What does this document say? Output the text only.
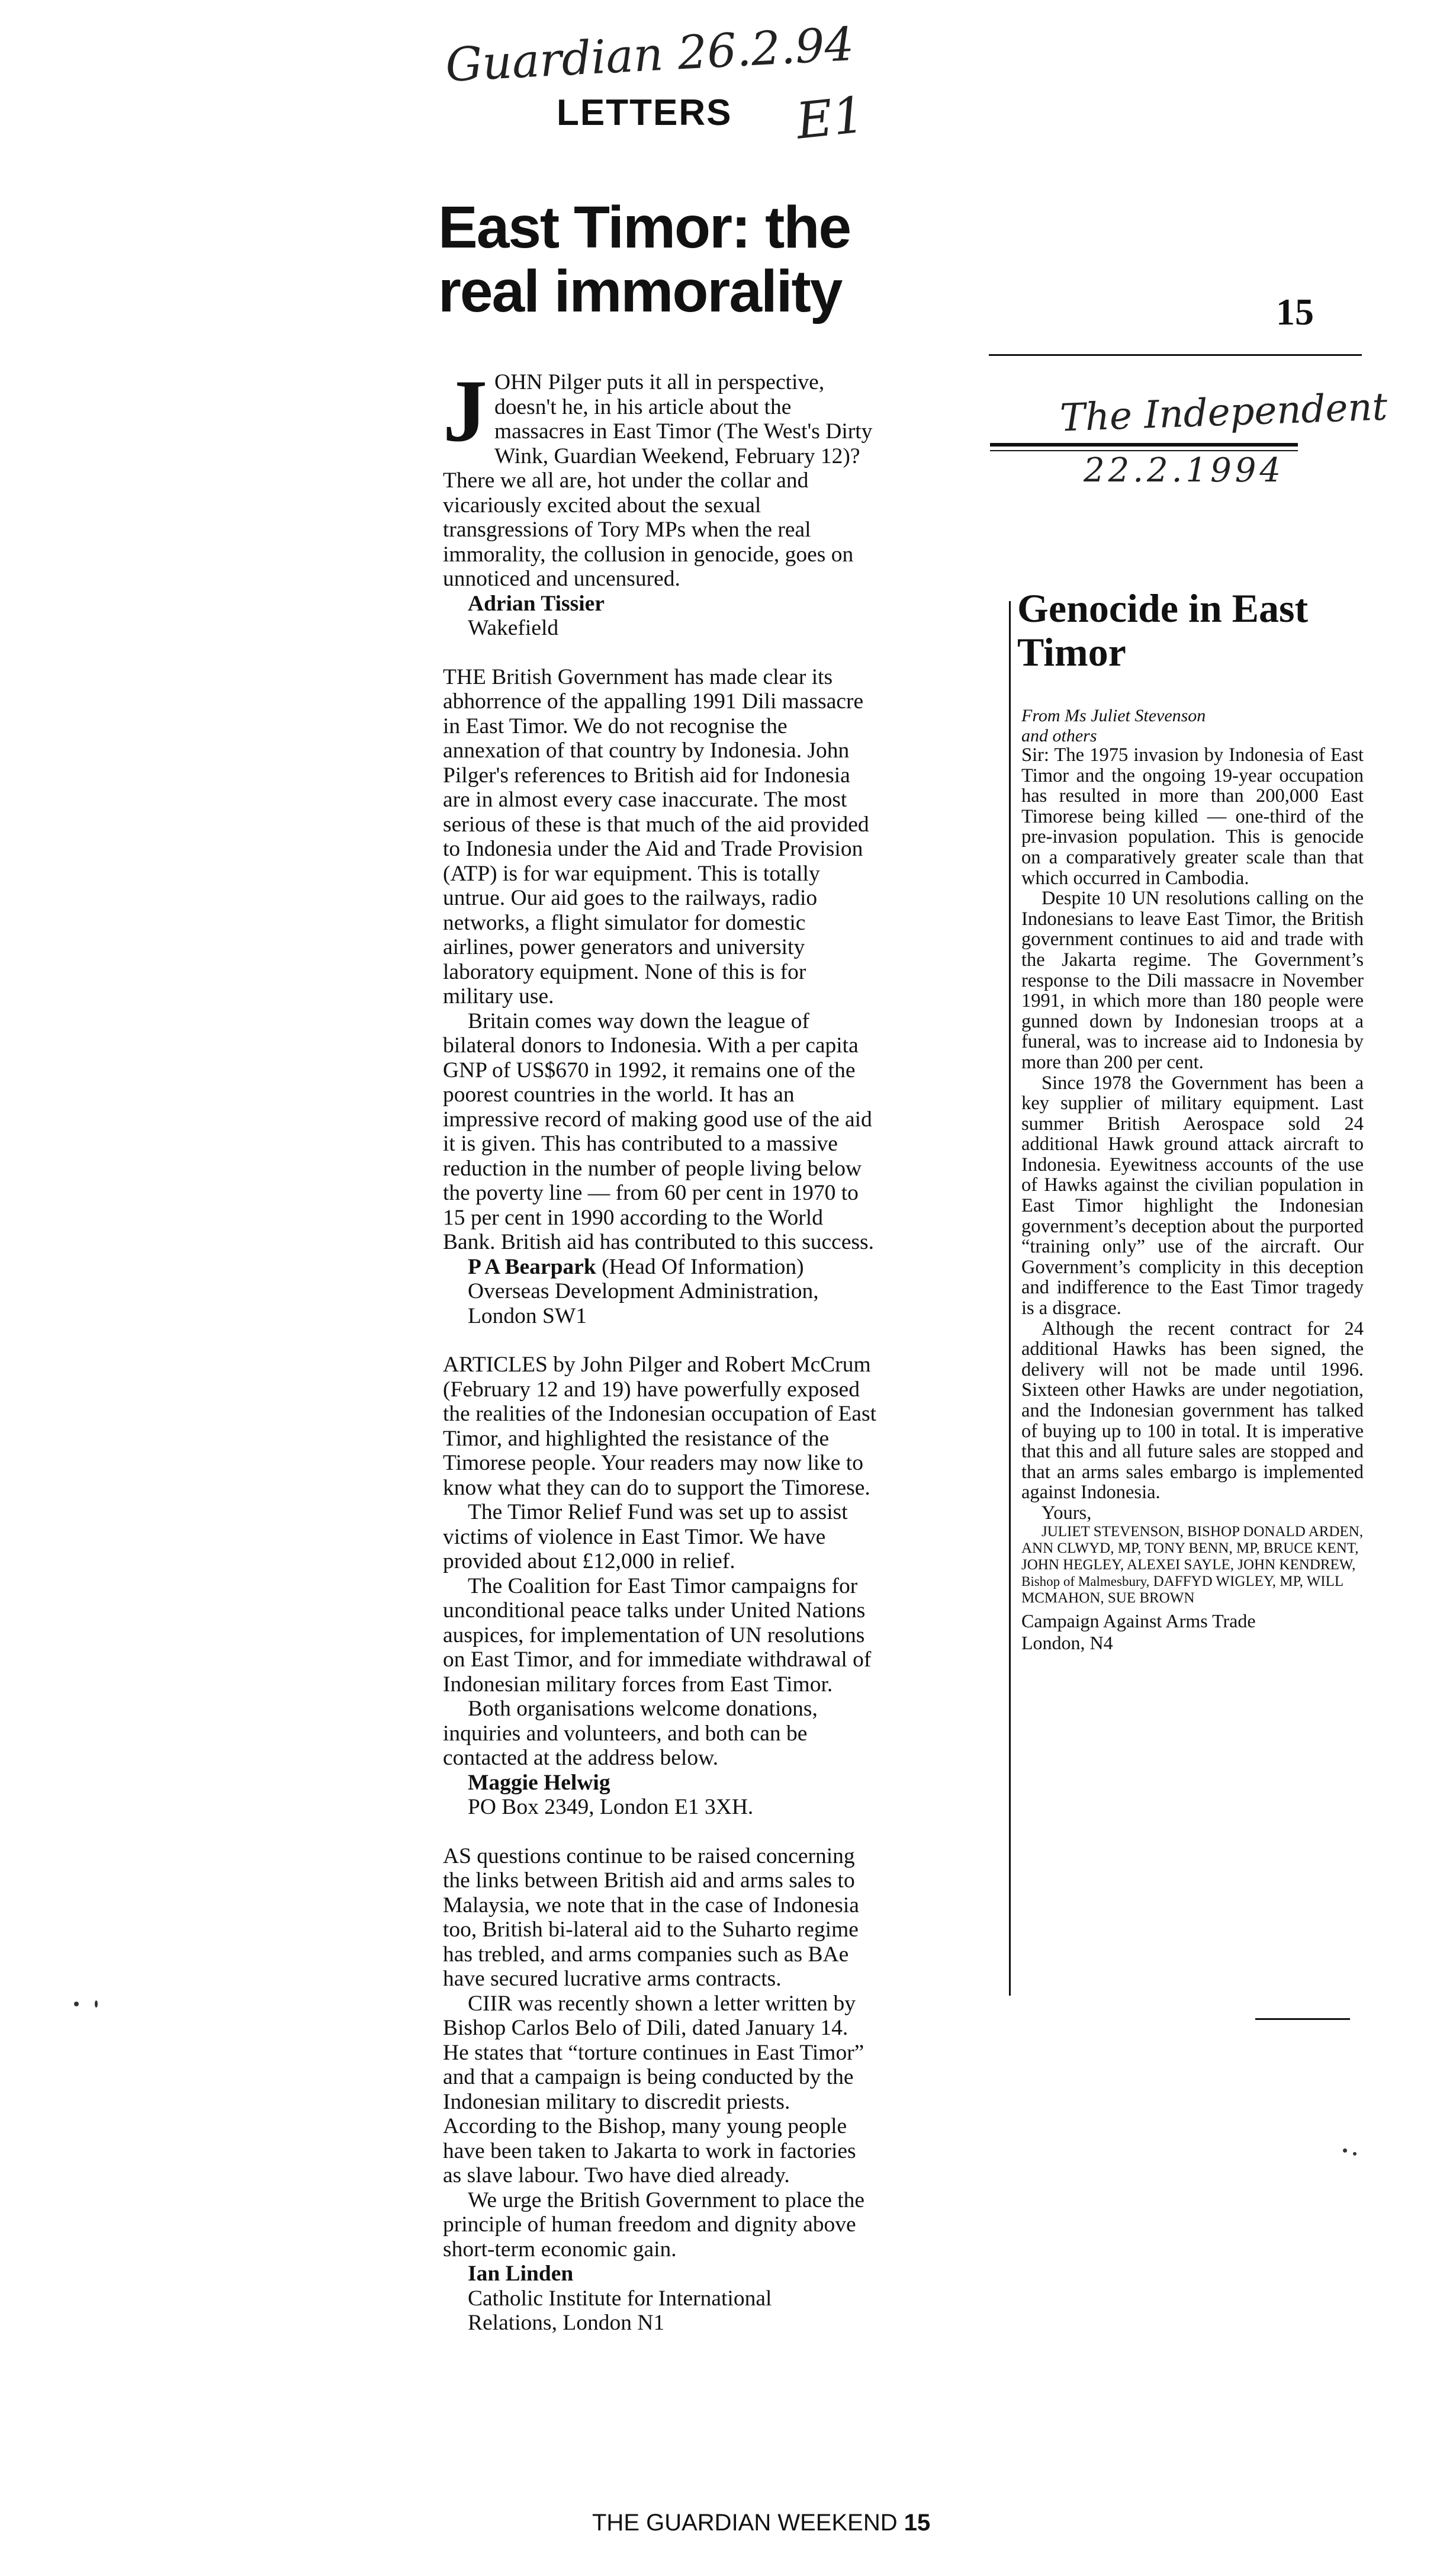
Guardian 26.2.94
E1
The Independent
22.2.1994
LETTERS
East Timor: the real immorality

JOHN Pilger puts it all in perspective, doesn't he, in his article about the massacres in East Timor (The West's Dirty Wink, Guardian Weekend, February 12)? There we all are, hot under the collar and vicariously excited about the sexual transgressions of Tory MPs when the real immorality, the collusion in genocide, goes on unnoticed and uncensured.

Adrian Tissier

Wakefield

THE British Government has made clear its abhorrence of the appalling 1991 Dili massacre in East Timor. We do not recognise the annexation of that country by Indonesia. John Pilger's references to British aid for Indonesia are in almost every case inaccurate. The most serious of these is that much of the aid provided to Indonesia under the Aid and Trade Provision (ATP) is for war equipment. This is totally untrue. Our aid goes to the railways, radio networks, a flight simulator for domestic airlines, power generators and university laboratory equipment. None of this is for military use.

Britain comes way down the league of bilateral donors to Indonesia. With a per capita GNP of US$670 in 1992, it remains one of the poorest countries in the world. It has an impressive record of making good use of the aid it is given. This has contributed to a massive reduction in the number of people living below the poverty line — from 60 per cent in 1970 to 15 per cent in 1990 according to the World Bank. British aid has contributed to this success.

P A Bearpark (Head Of Information)

Overseas Development Administration,

London SW1

ARTICLES by John Pilger and Robert McCrum (February 12 and 19) have powerfully exposed the realities of the Indonesian occupation of East Timor, and highlighted the resistance of the Timorese people. Your readers may now like to know what they can do to support the Timorese.

The Timor Relief Fund was set up to assist victims of violence in East Timor. We have provided about £12,000 in relief.

The Coalition for East Timor campaigns for unconditional peace talks under United Nations auspices, for implementation of UN resolutions on East Timor, and for immediate withdrawal of Indonesian military forces from East Timor.

Both organisations welcome donations, inquiries and volunteers, and both can be contacted at the address below.

Maggie Helwig

PO Box 2349, London E1 3XH.

AS questions continue to be raised concerning the links between British aid and arms sales to Malaysia, we note that in the case of Indonesia too, British bi-lateral aid to the Suharto regime has trebled, and arms companies such as BAe have secured lucrative arms contracts.

CIIR was recently shown a letter written by Bishop Carlos Belo of Dili, dated January 14. He states that “torture continues in East Timor” and that a campaign is being conducted by the Indonesian military to discredit priests. According to the Bishop, many young people have been taken to Jakarta to work in factories as slave labour. Two have died already.

We urge the British Government to place the principle of human freedom and dignity above short-term economic gain.

Ian Linden

Catholic Institute for International

Relations, London N1

THE GUARDIAN WEEKEND 15
15
Genocide in East Timor
From Ms Juliet Stevenson
and others

Sir: The 1975 invasion by Indonesia of East Timor and the ongoing 19-year occupation has resulted in more than 200,000 East Timorese being killed — one-third of the pre-invasion population. This is genocide on a comparatively greater scale than that which occurred in Cambodia.

Despite 10 UN resolutions calling on the Indonesians to leave East Timor, the British government continues to aid and trade with the Jakarta regime. The Government’s response to the Dili massacre in November 1991, in which more than 180 people were gunned down by Indonesian troops at a funeral, was to increase aid to Indonesia by more than 200 per cent.

Since 1978 the Government has been a key supplier of military equipment. Last summer British Aerospace sold 24 additional Hawk ground attack aircraft to Indonesia. Eyewitness accounts of the use of Hawks against the civilian population in East Timor highlight the Indonesian government’s deception about the purported “training only” use of the aircraft. Our Government’s complicity in this deception and indifference to the East Timor tragedy is a disgrace.

Although the recent contract for 24 additional Hawks has been signed, the delivery will not be made until 1996. Sixteen other Hawks are under negotiation, and the Indonesian government has talked of buying up to 100 in total. It is imperative that this and all future sales are stopped and that an arms sales embargo is implemented against Indonesia.

Yours,

JULIET STEVENSON, BISHOP DONALD ARDEN, ANN CLWYD, MP, TONY BENN, MP, BRUCE KENT, JOHN HEGLEY, ALEXEI SAYLE, JOHN KENDREW, Bishop of Malmesbury, DAFFYD WIGLEY, MP, WILL MCMAHON, SUE BROWN

Campaign Against Arms Trade
London, N4
